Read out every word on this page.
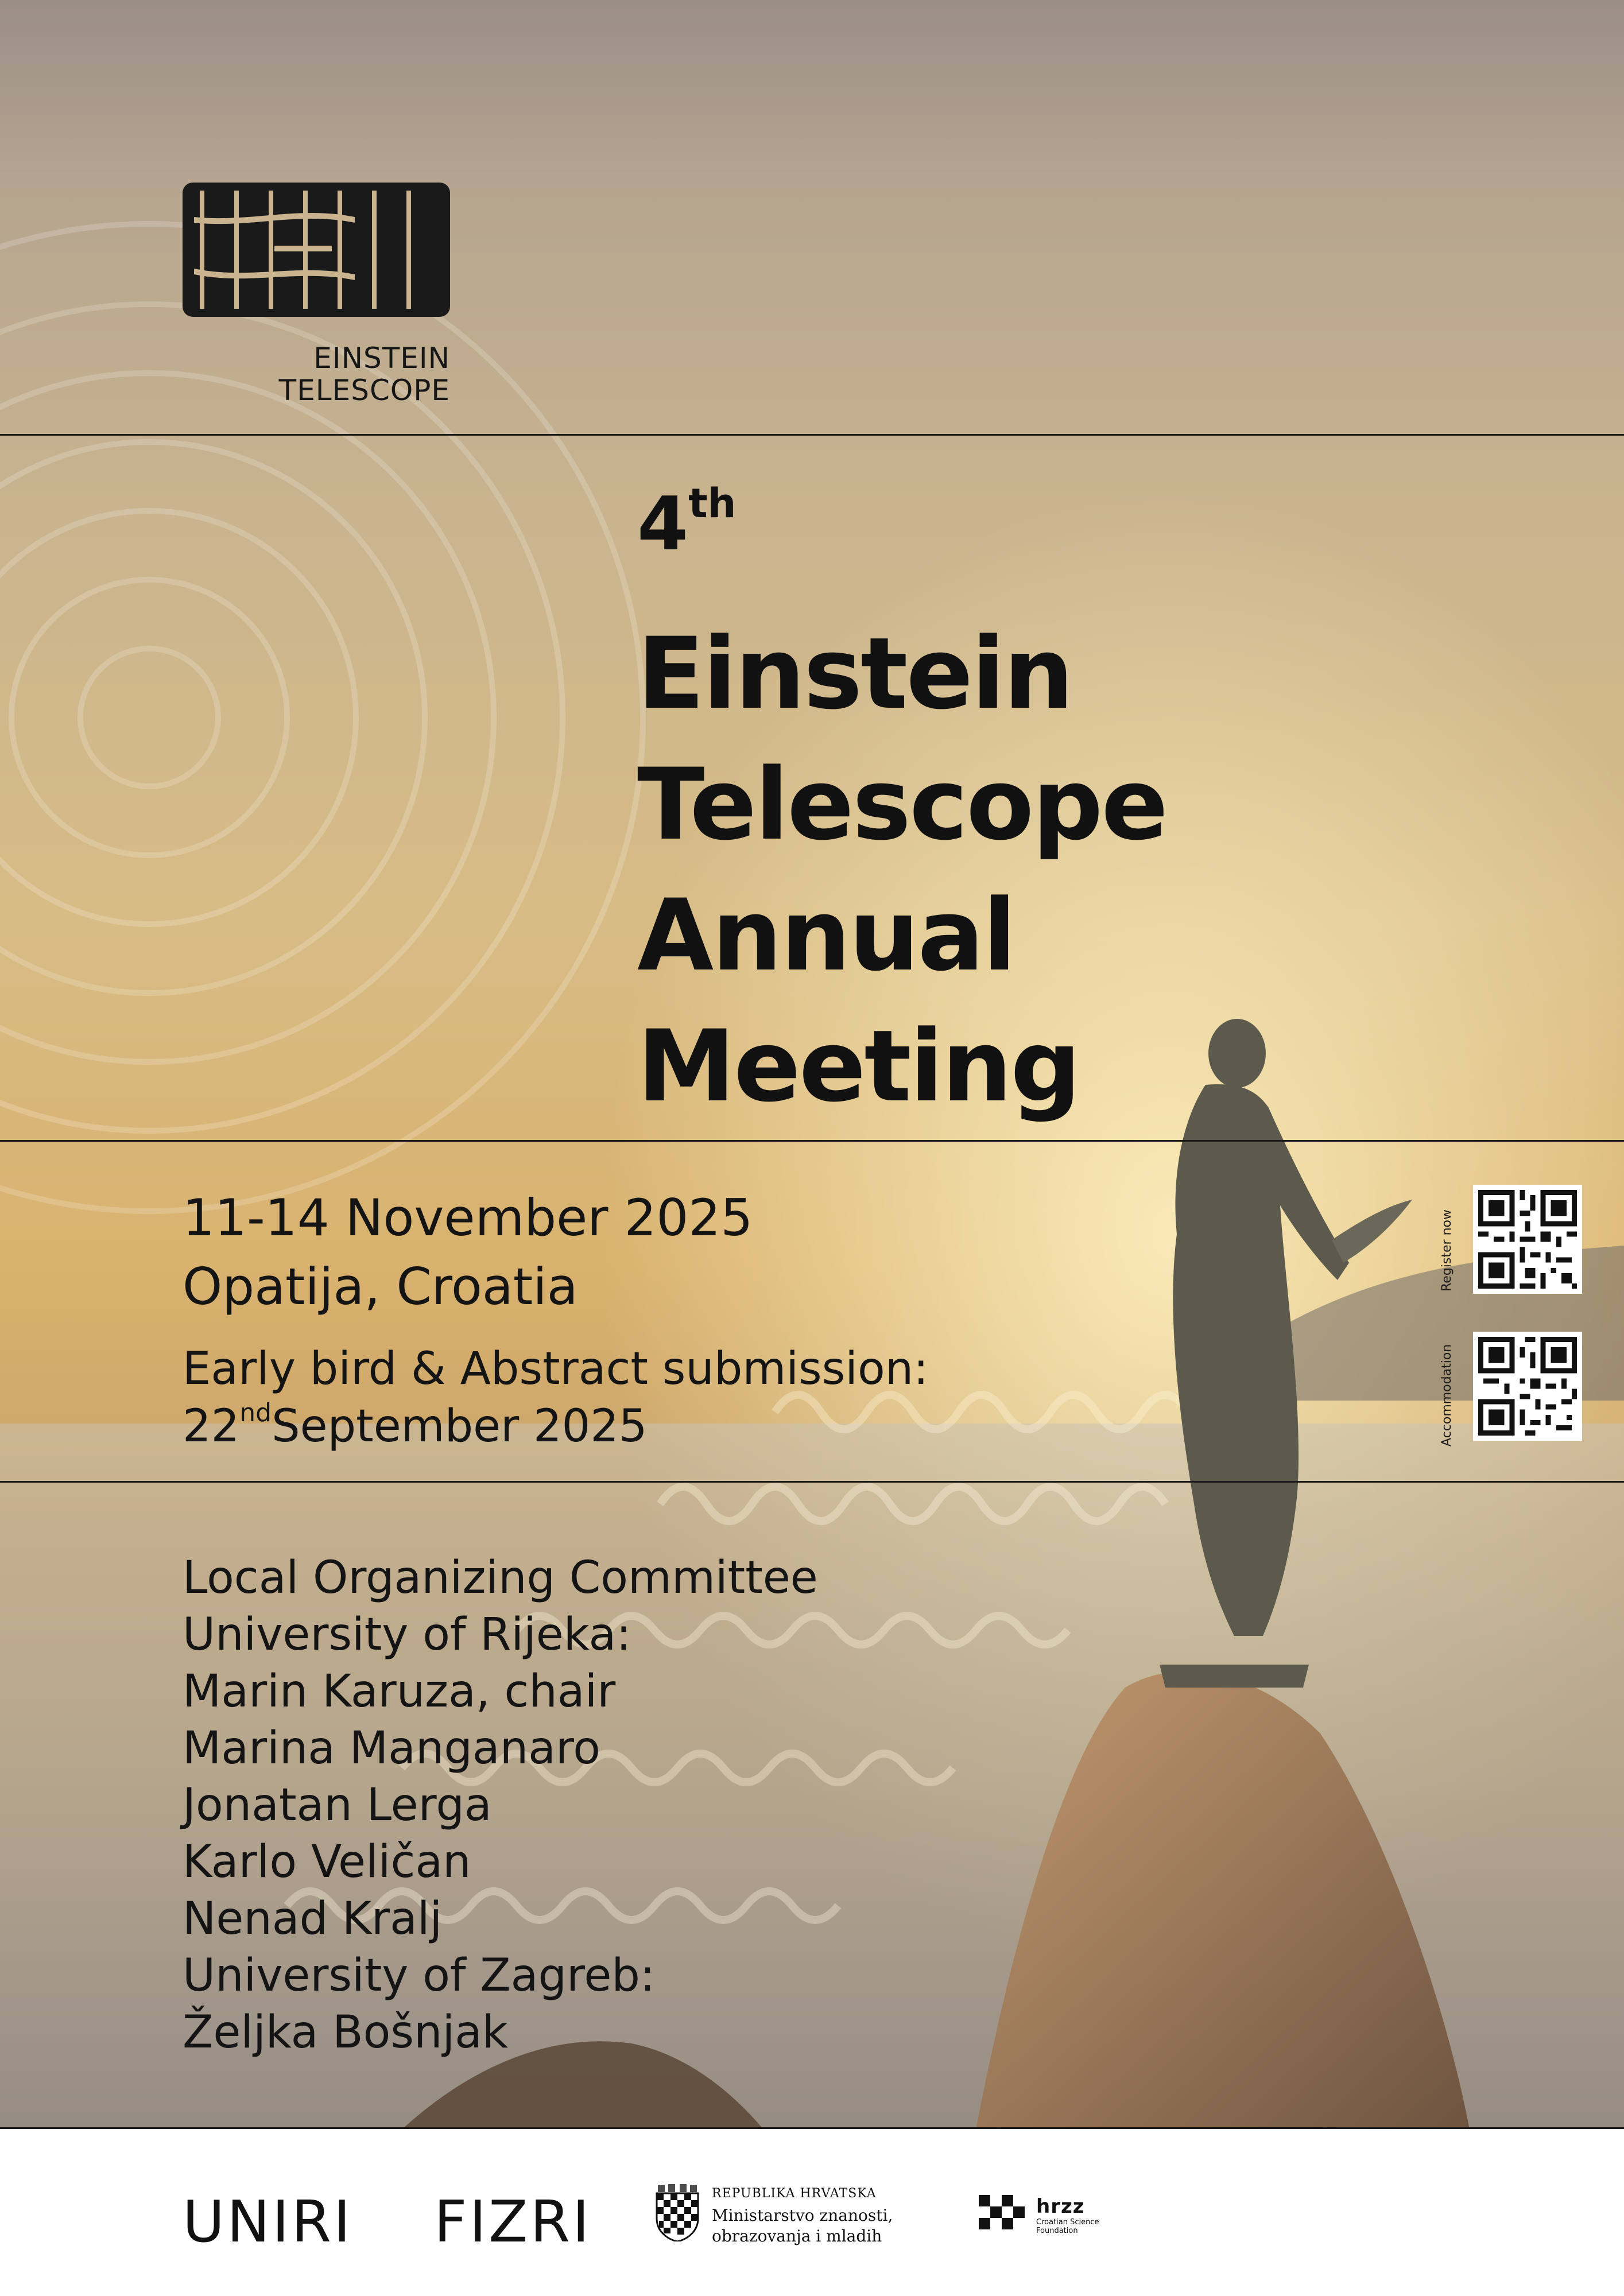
EINSTEIN
TELESCOPE
4th
Einstein
Telescope
Annual
Meeting
11-14 November 2025
Opatija, Croatia
Early bird & Abstract submission:
22ndSeptember 2025
Register now
Accommodation
Local Organizing Committee
University of Rijeka:
Marin Karuza, chair
Marina Manganaro
Jonatan Lerga
Karlo Veličan
Nenad Kralj
University of Zagreb:
Željka Bošnjak
UNIRI FIZRI	REPUBLIKA HRVATSKA
Ministarstvo znanosti,
obrazovanja i mladih
hrzz
Croatian Science Foundation
